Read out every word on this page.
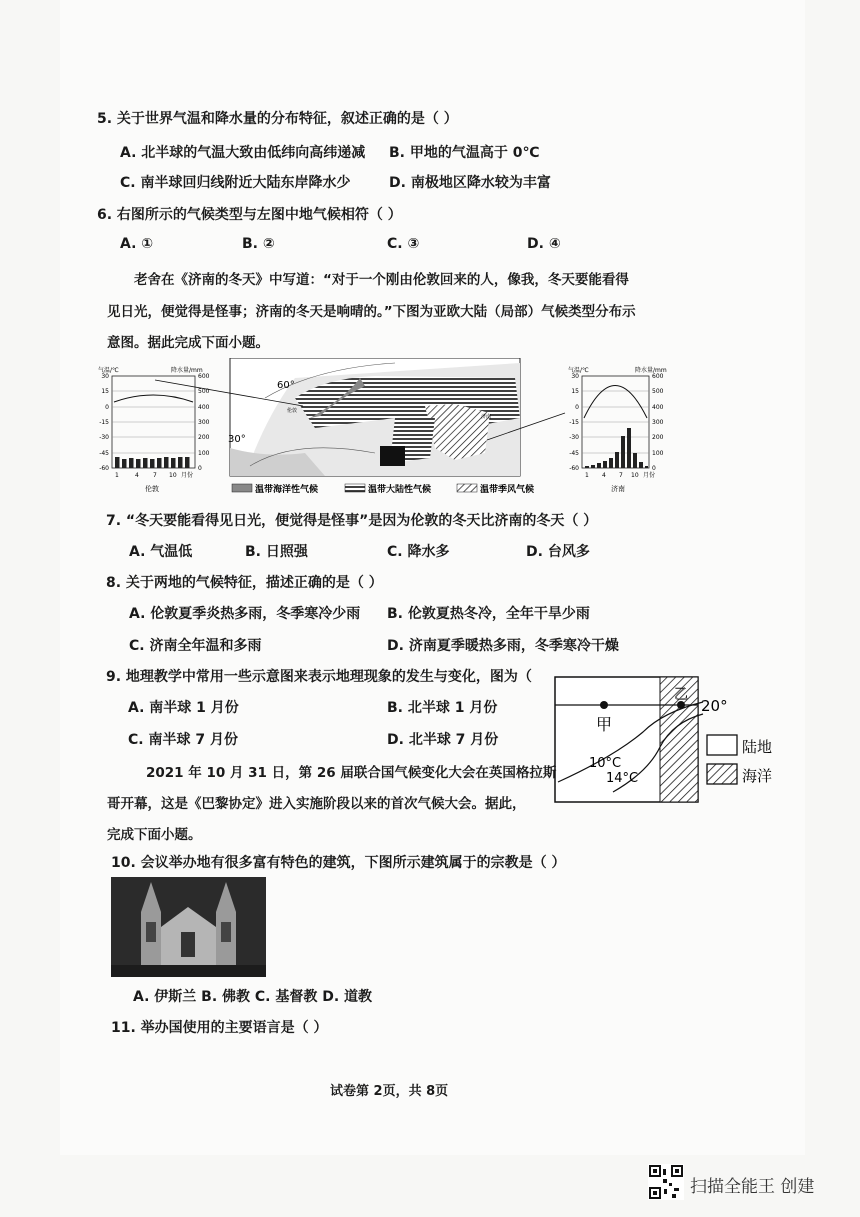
5. 关于世界气温和降水量的分布特征，叙述正确的是（ ）
A. 北半球的气温大致由低纬向高纬递减 B. 甲地的气温高于 0℃
C. 南半球回归线附近大陆东岸降水少	D. 南极地区降水较为丰富
6. 右图所示的气候类型与左图中地气候相符（ ）
A. ①	B. ②	C. ③	D. ④
老舍在《济南的冬天》中写道：“对于一个刚由伦敦回来的人，像我，冬天要能看得
见日光，便觉得是怪事；济南的冬天是响晴的。”下图为亚欧大陆（局部）气候类型分布示
意图。据此完成下面小题。
气温/℃	降水量/mm
30
15
0
-15
-30
-45
-60
600
500
400
300
200
100
0
1	4 7 10 月份
伦敦
60°
30°
伦敦
济南
温带海洋性气候	温带大陆性气候	温带季风气候
气温/℃	降水量/mm
30
15
0
-15
-30
-45
-60
600
500
400
300
200
100
0
1 4 7 10 月份
济南
7. “冬天要能看得见日光，便觉得是怪事”是因为伦敦的冬天比济南的冬天（ ）
A. 气温低	B. 日照强	C. 降水多	D. 台风多
8. 关于两地的气候特征，描述正确的是（ ）
A. 伦敦夏季炎热多雨，冬季寒冷少雨 B. 伦敦夏热冬冷，全年干旱少雨
C. 济南全年温和多雨	D. 济南夏季暖热多雨，冬季寒冷干燥
9. 地理教学中常用一些示意图来表示地理现象的发生与变化，图为（
A. 南半球 1 月份	B. 北半球 1 月份
C. 南半球 7 月份	D. 北半球 7 月份
甲
乙
20°
10°C
14°C
陆地
海洋
2021 年 10 月 31 日，第 26 届联合国气候变化大会在英国格拉斯
哥开幕，这是《巴黎协定》进入实施阶段以来的首次气候大会。据此，
完成下面小题。
10. 会议举办地有很多富有特色的建筑，下图所示建筑属于的宗教是（ ）
A. 伊斯兰 B. 佛教 C. 基督教 D. 道教
11. 举办国使用的主要语言是（ ）
试卷第 2页，共 8页
扫描全能王 创建
